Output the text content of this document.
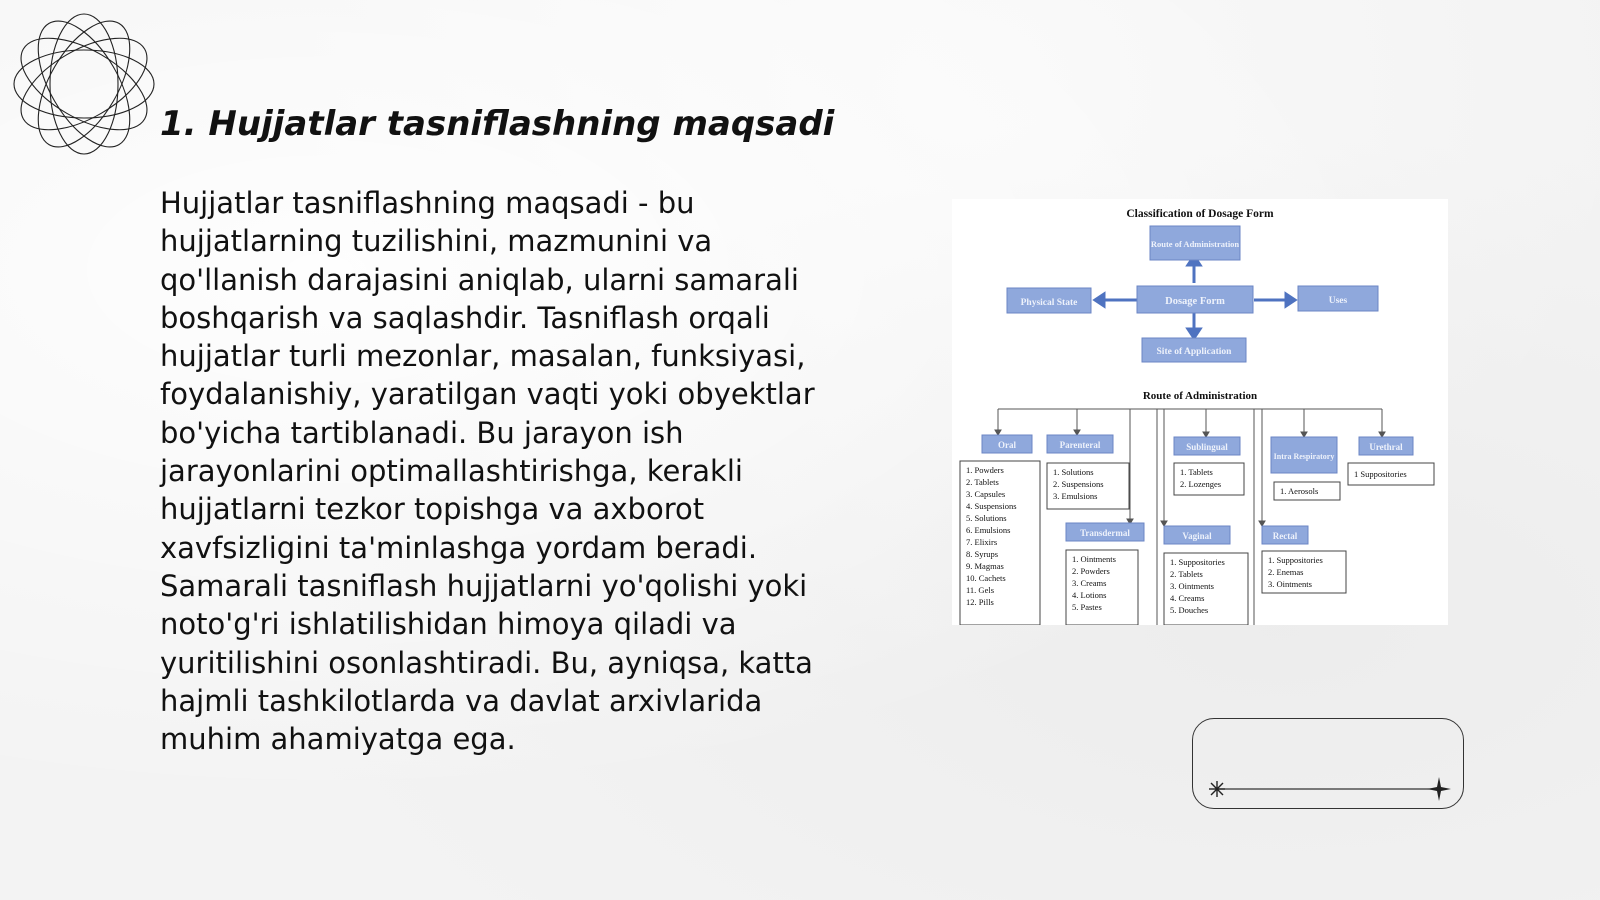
1. Hujjatlar tasniflashning maqsadi

Hujjatlar tasniflashning maqsadi - bu hujjatlarning tuzilishini, mazmunini va qo'llanish darajasini aniqlab, ularni samarali boshqarish va saqlashdir. Tasniflash orqali hujjatlar turli mezonlar, masalan, funksiyasi, foydalanishiy, yaratilgan vaqti yoki obyektlar bo'yicha tartiblanadi. Bu jarayon ish jarayonlarini optimallashtirishga, kerakli hujjatlarni tezkor topishga va axborot xavfsizligini ta'minlashga yordam beradi. Samarali tasniflash hujjatlarni yo'qolishi yoki noto'g'ri ishlatilishidan himoya qiladi va yuritilishini osonlashtiradi. Bu, ayniqsa, katta hajmli tashkilotlarda va davlat arxivlarida muhim ahamiyatga ega.

Classification of Dosage Form
Dosage Form
Route of Administration
Physical State	Uses
Site of Application
Route of Administration
Oral
1. Powders
2. Tablets
3. Capsules
4. Suspensions
5. Solutions
6. Emulsions
7. Elixirs
8. Syrups
9. Magmas
10. Cachets
11. Gels
12. Pills
Parenteral
1. Solutions
2. Suspensions
3. Emulsions
Transdermal
1. Ointments
2. Powders
3. Creams
4. Lotions
5. Pastes
Sublingual
1. Tablets
2. Lozenges
Vaginal
1. Suppositories
2. Tablets
3. Ointments
4. Creams
5. Douches
Intra Respiratory
1. Aerosols
Rectal
1. Suppositories
2. Enemas
3. Ointments
Urethral
1 Suppositories
